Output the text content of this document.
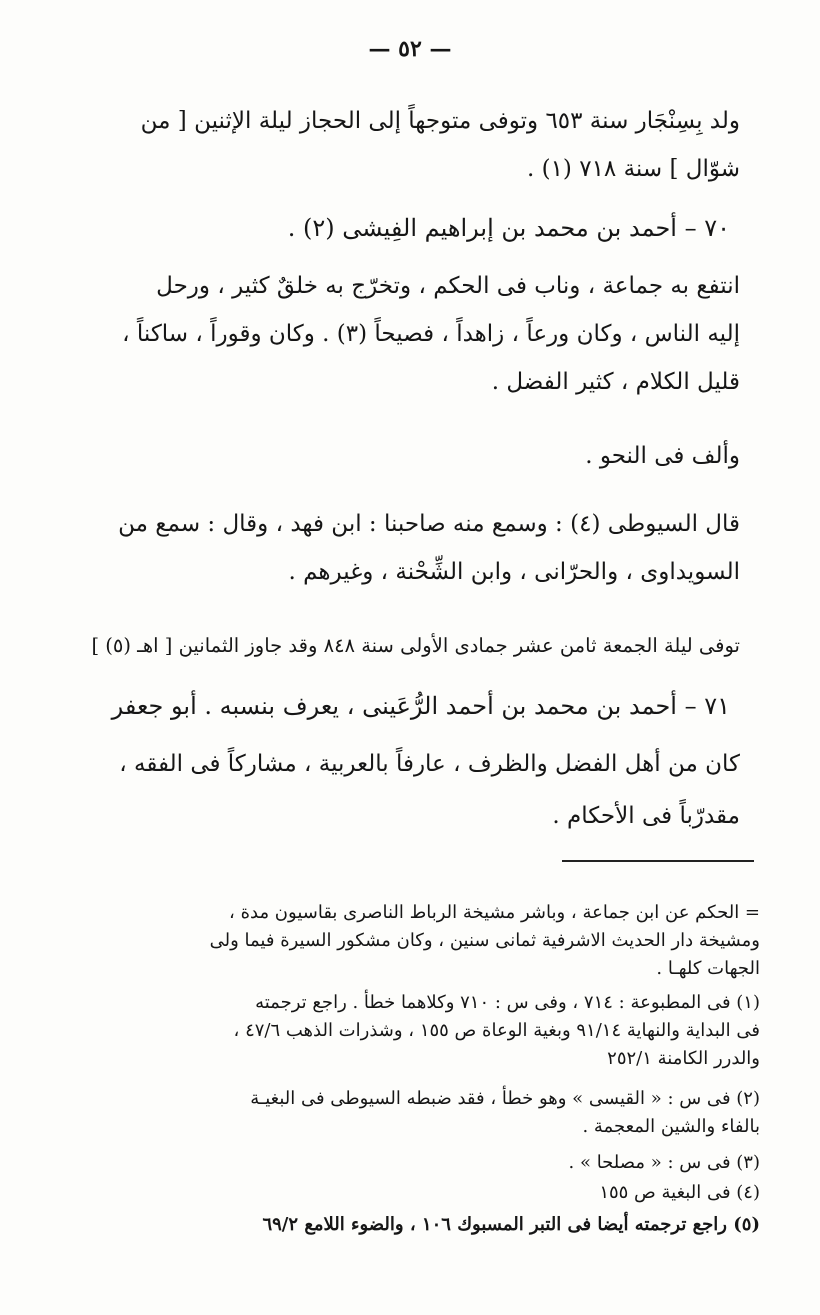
— ٥٢ —
ولد بِسِنْجَار سنة ٦٥٣ وتوفى متوجهاً إلى الحجاز ليلة الإثنين [ من
شوّال ] سنة ٧١٨ (١) .
٧٠ – أحمد بن محمد بن إبراهيم الفِيشى (٢) .
انتفع به جماعة ، وناب فى الحكم ، وتخرّج به خلقٌ كثير ، ورحل
إليه الناس ، وكان ورعاً ، زاهداً ، فصيحاً (٣) . وكان وقوراً ، ساكناً ،
قليل الكلام ، كثير الفضل .
وألف فى النحو .
قال السيوطى (٤) : وسمع منه صاحبنا : ابن فهد ، وقال : سمع من
السويداوى ، والحرّانى ، وابن الشِّحْنة ، وغيرهم .
توفى ليلة الجمعة ثامن عشر جمادى الأولى سنة ٨٤٨ وقد جاوز الثمانين [ اهـ (٥) ]
٧١ – أحمد بن محمد بن أحمد الرُّعَينى ، يعرف بنسبه . أبو جعفر
كان من أهل الفضل والظرف ، عارفاً بالعربية ، مشاركاً فى الفقه ،
مقدرّباً فى الأحكام .
= الحكم عن ابن جماعة ، وباشر مشيخة الرباط الناصرى بقاسيون مدة ،
ومشيخة دار الحديث الاشرفية ثمانى سنين ، وكان مشكور السيرة فيما ولى
الجهات كلهـا .
(١) فى المطبوعة : ٧١٤ ، وفى س : ٧١٠ وكلاهما خطأ . راجع ترجمته
فى البداية والنهاية ٩١/١٤ وبغية الوعاة ص ١٥٥ ، وشذرات الذهب ٤٧/٦ ،
والدرر الكامنة ٢٥٢/١
(٢) فى س : « القيسى » وهو خطأ ، فقد ضبطه السيوطى فى البغيـة
بالفاء والشين المعجمة .
(٣) فى س : « مصلحا » .
(٤) فى البغية ص ١٥٥
(٥) راجع ترجمته أيضا فى التبر المسبوك ١٠٦ ، والضوء اللامع ٦٩/٢
